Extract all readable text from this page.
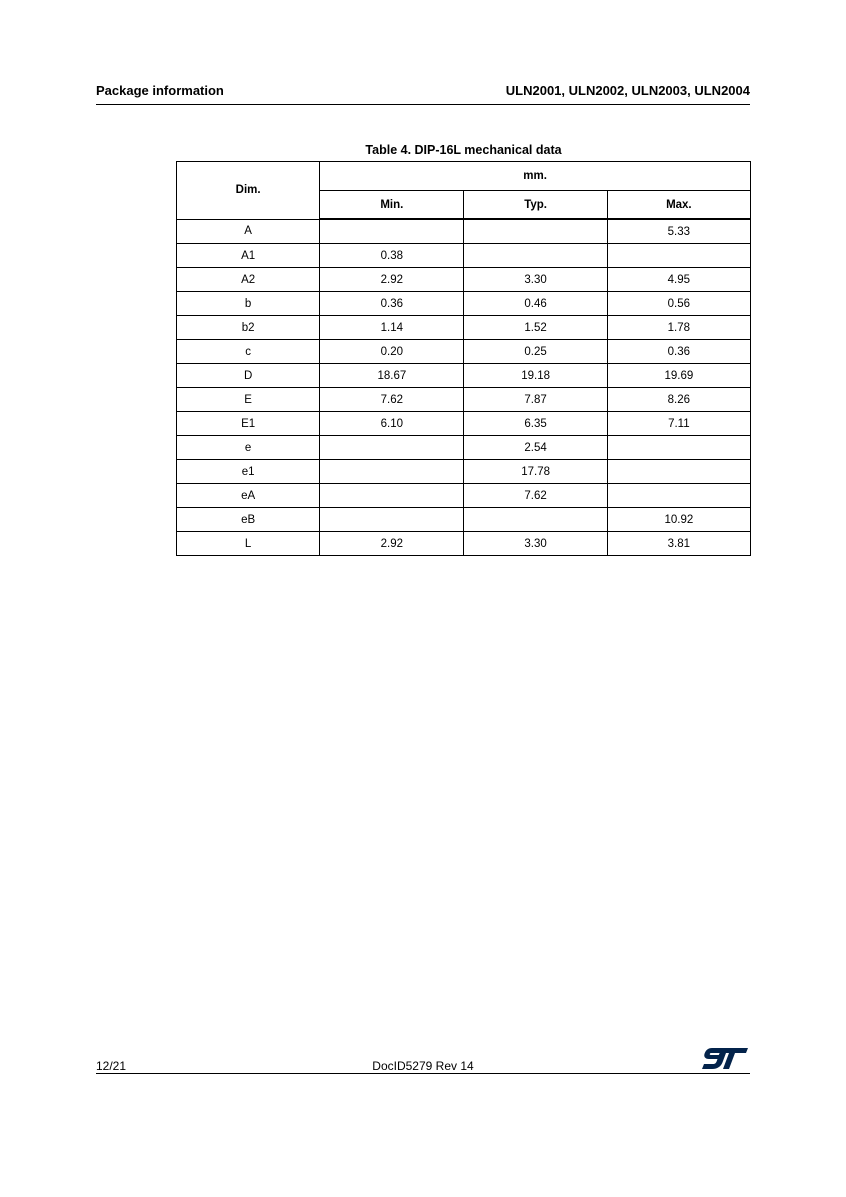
Package information	ULN2001, ULN2002, ULN2003, ULN2004
Table 4. DIP-16L mechanical data
Dim.	mm.		
	Min.	Typ.	Max.
A			5.33
A1	0.38		
A2	2.92	3.30	4.95
b	0.36	0.46	0.56
b2	1.14	1.52	1.78
c	0.20	0.25	0.36
D	18.67	19.18	19.69
E	7.62	7.87	8.26
E1	6.10	6.35	7.11
e		2.54	
e1		17.78	
eA		7.62	
eB			10.92
L	2.92	3.30	3.81
12/21	DocID5279 Rev 14
